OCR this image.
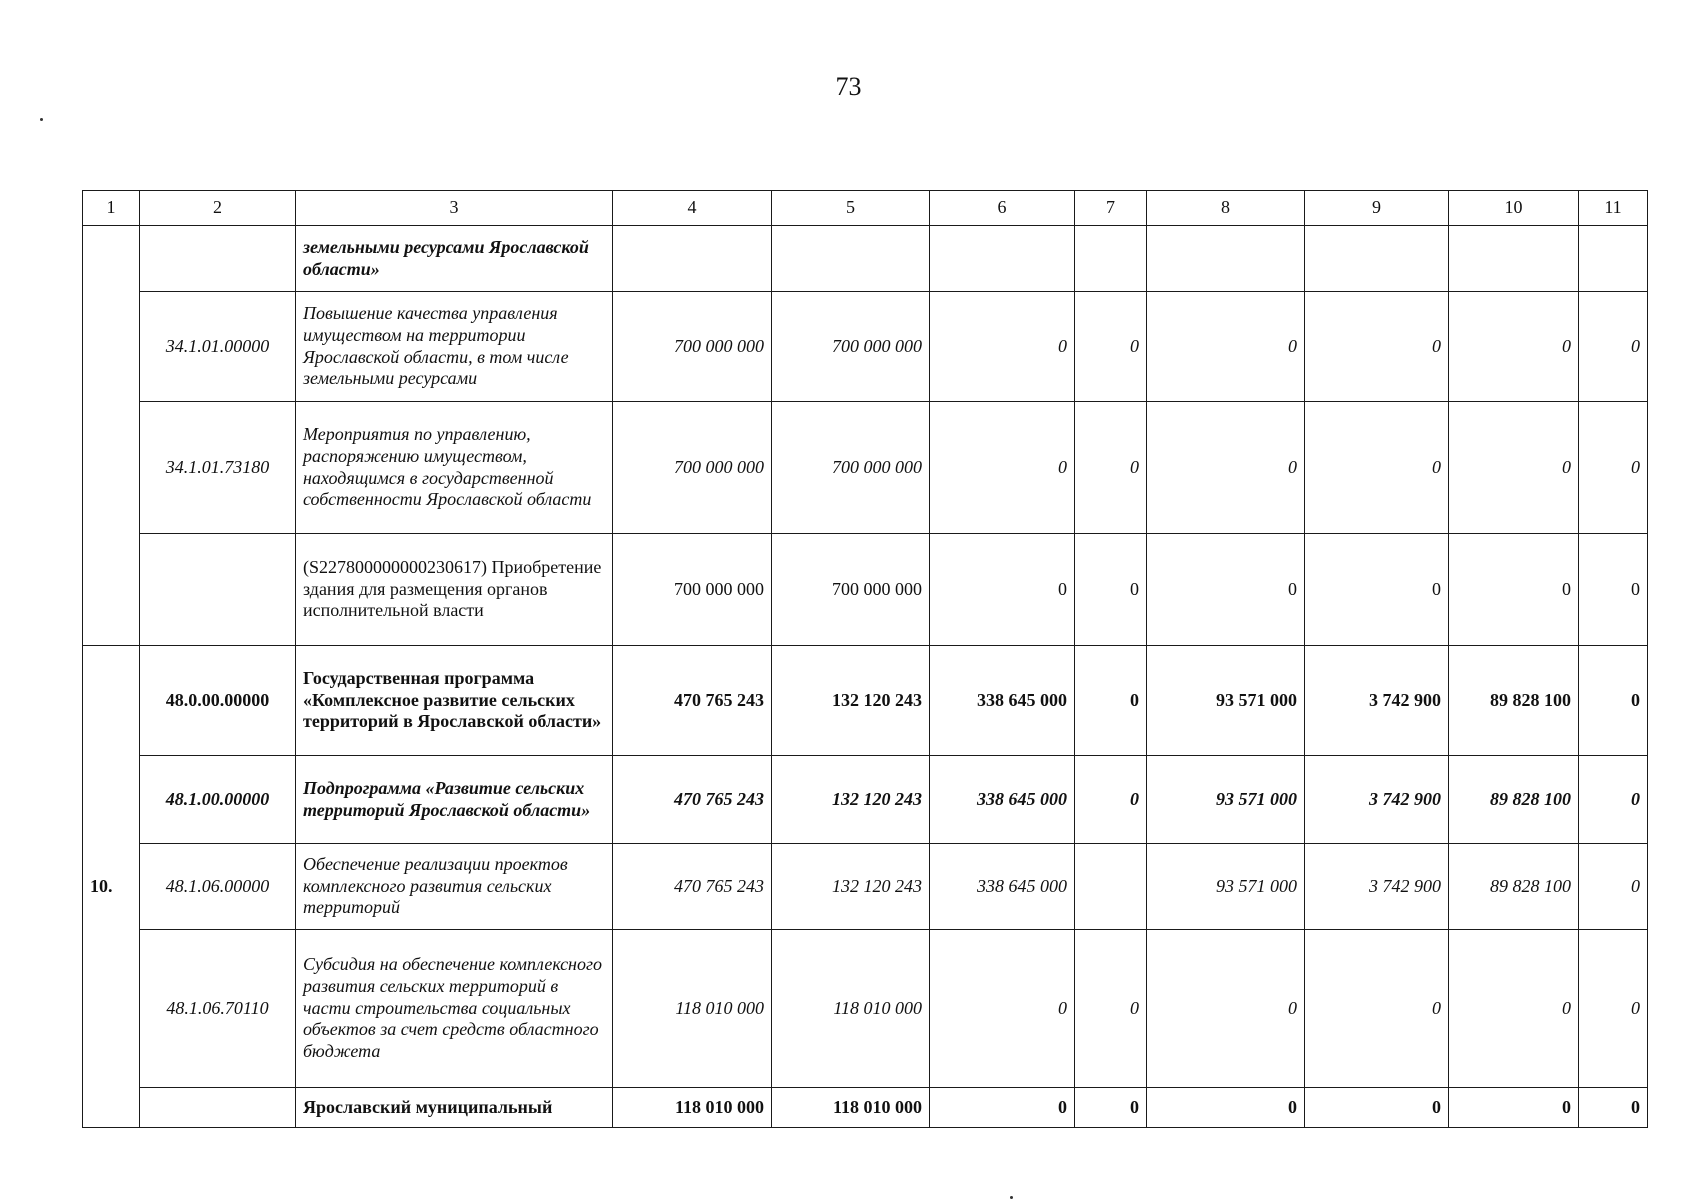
73
1	2	3	4	5	6	7	8	9	10	11
		земельными ресурсами Ярославской области»								
	34.1.01.00000	Повышение качества управления имуществом на территории Ярославской области, в том числе земельными ресурсами	700 000 000	700 000 000	0	0	0	0	0	0
	34.1.01.73180	Мероприятия по управлению, распоряжению имуществом, находящимся в государственной собственности Ярославской области	700 000 000	700 000 000	0	0	0	0	0	0
		(S227800000000230617) Приобретение здания для размещения органов исполнительной власти	700 000 000	700 000 000	0	0	0	0	0	0
10.	48.0.00.00000	Государственная программа «Комплексное развитие сельских территорий в Ярославской области»	470 765 243	132 120 243	338 645 000	0	93 571 000	3 742 900	89 828 100	0
	48.1.00.00000	Подпрограмма «Развитие сельских территорий Ярославской области»	470 765 243	132 120 243	338 645 000	0	93 571 000	3 742 900	89 828 100	0
	48.1.06.00000	Обеспечение реализации проектов комплексного развития сельских территорий	470 765 243	132 120 243	338 645 000		93 571 000	3 742 900	89 828 100	0
	48.1.06.70110	Субсидия на обеспечение комплексного развития сельских территорий в части строительства социальных объектов за счет средств областного бюджета	118 010 000	118 010 000	0	0	0	0	0	0
		Ярославский муниципальный	118 010 000	118 010 000	0	0	0	0	0	0
